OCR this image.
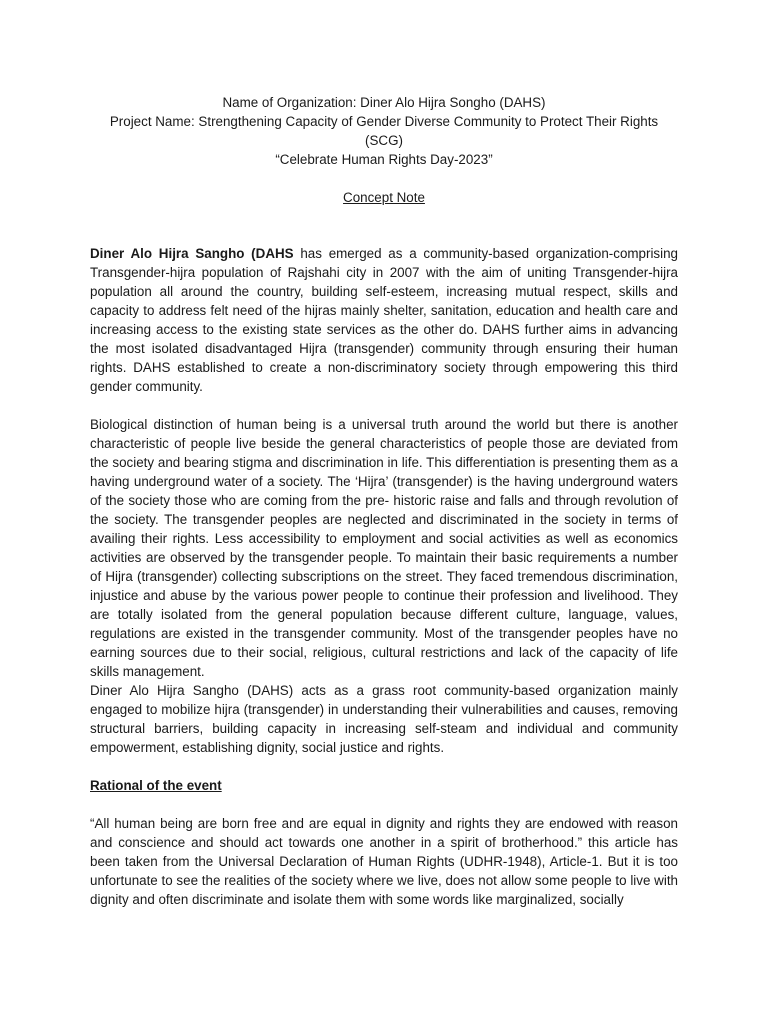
Name of Organization: Diner Alo Hijra Songho (DAHS)
Project Name: Strengthening Capacity of Gender Diverse Community to Protect Their Rights
(SCG)
“Celebrate Human Rights Day-2023”
Concept Note

Diner Alo Hijra Sangho (DAHS has emerged as a community-based organization-comprising Transgender-hijra population of Rajshahi city in 2007 with the aim of uniting Transgender-hijra population all around the country, building self-esteem, increasing mutual respect, skills and capacity to address felt need of the hijras mainly shelter, sanitation, education and health care and increasing access to the existing state services as the other do. DAHS further aims in advancing the most isolated disadvantaged Hijra (transgender) community through ensuring their human rights. DAHS established to create a non-discriminatory society through empowering this third gender community.

Biological distinction of human being is a universal truth around the world but there is another characteristic of people live beside the general characteristics of people those are deviated from the society and bearing stigma and discrimination in life. This differentiation is presenting them as a having underground water of a society. The ‘Hijra’ (transgender) is the having underground waters of the society those who are coming from the pre- historic raise and falls and through revolution of the society. The transgender peoples are neglected and discriminated in the society in terms of availing their rights. Less accessibility to employment and social activities as well as economics activities are observed by the transgender people. To maintain their basic requirements a number of Hijra (transgender) collecting subscriptions on the street. They faced tremendous discrimination, injustice and abuse by the various power people to continue their profession and livelihood. They are totally isolated from the general population because different culture, language, values, regulations are existed in the transgender community. Most of the transgender peoples have no earning sources due to their social, religious, cultural restrictions and lack of the capacity of life skills management.

Diner Alo Hijra Sangho (DAHS) acts as a grass root community-based organization mainly engaged to mobilize hijra (transgender) in understanding their vulnerabilities and causes, removing structural barriers, building capacity in increasing self-steam and individual and community empowerment, establishing dignity, social justice and rights.

Rational of the event

“All human being are born free and are equal in dignity and rights they are endowed with reason and conscience and should act towards one another in a spirit of brotherhood.” this article has been taken from the Universal Declaration of Human Rights (UDHR-1948), Article-1. But it is too unfortunate to see the realities of the society where we live, does not allow some people to live with dignity and often discriminate and isolate them with some words like marginalized, socially
